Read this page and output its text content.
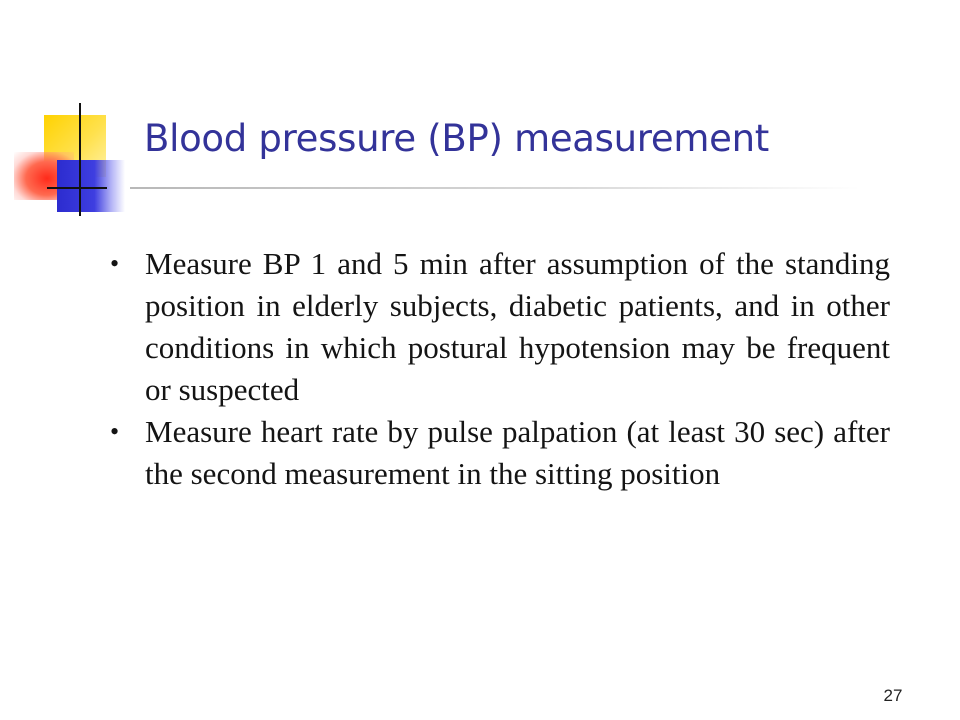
Blood pressure (BP) measurement
• Measure BP 1 and 5 min after assumption of the standing position in elderly subjects, diabetic patients, and in other conditions in which postural hypotension may be frequent or suspected
• Measure heart rate by pulse palpation (at least 30 sec) after the second measurement in the sitting position
27
